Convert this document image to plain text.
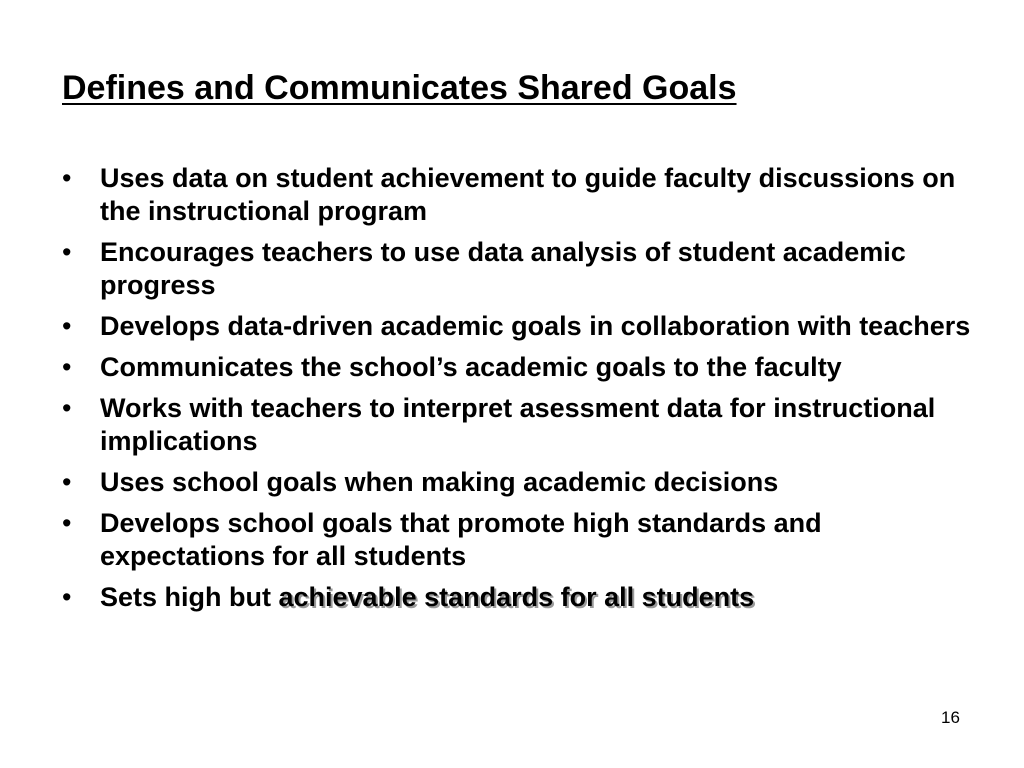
Defines and Communicates Shared Goals
• Uses data on student achievement to guide faculty discussions on the instructional program
• Encourages teachers to use data analysis of student academic progress
• Develops data-driven academic goals in collaboration with teachers
• Communicates the school’s academic goals to the faculty
• Works with teachers to interpret asessment data for instructional implications
• Uses school goals when making academic decisions
• Develops school goals that promote high standards and expectations for all students
• Sets high but achievable standards for all students
16
